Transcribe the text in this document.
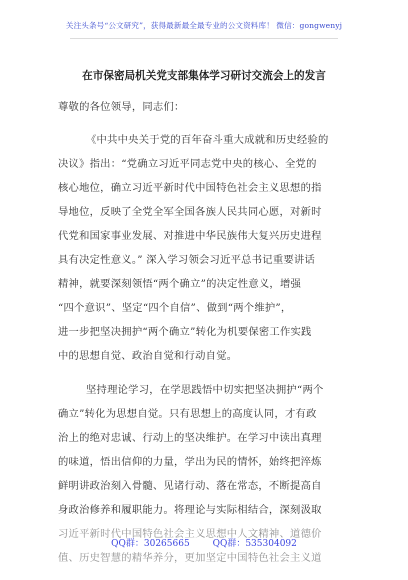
关注头条号“公文研究”，获得最新最全最专业的公文资料库！ 微信：gongwenyj
在市保密局机关党支部集体学习研讨交流会上的发言
尊敬的各位领导，同志们：
《中共中央关于党的百年奋斗重大成就和历史经验的
决议》指出：“党确立习近平同志党中央的核心、全党的
核心地位，确立习近平新时代中国特色社会主义思想的指
导地位，反映了全党全军全国各族人民共同心愿，对新时
代党和国家事业发展、对推进中华民族伟大复兴历史进程
具有决定性意义。” 深入学习领会习近平总书记重要讲话
精神，就要深刻领悟“两个确立”的决定性意义，增强
“四个意识”、坚定“四个自信”、做到“两个维护”，
进一步把坚决拥护“两个确立”转化为机要保密工作实践
中的思想自觉、政治自觉和行动自觉。
坚持理论学习，在学思践悟中切实把坚决拥护“两个
确立”转化为思想自觉。只有思想上的高度认同，才有政
治上的绝对忠诚、行动上的坚决维护。在学习中读出真理
的味道，悟出信仰的力量，学出为民的情怀，始终把淬炼
鲜明讲政治刻入骨髓、见诸行动、落在常态，不断提高自
身政治修养和履职能力。将理论与实际相结合，深刻汲取
习近平新时代中国特色社会主义思想中人文精神、道德价
值、历史智慧的精华养分，更加坚定中国特色社会主义道
QQ群：30265665	QQ群：535304092
